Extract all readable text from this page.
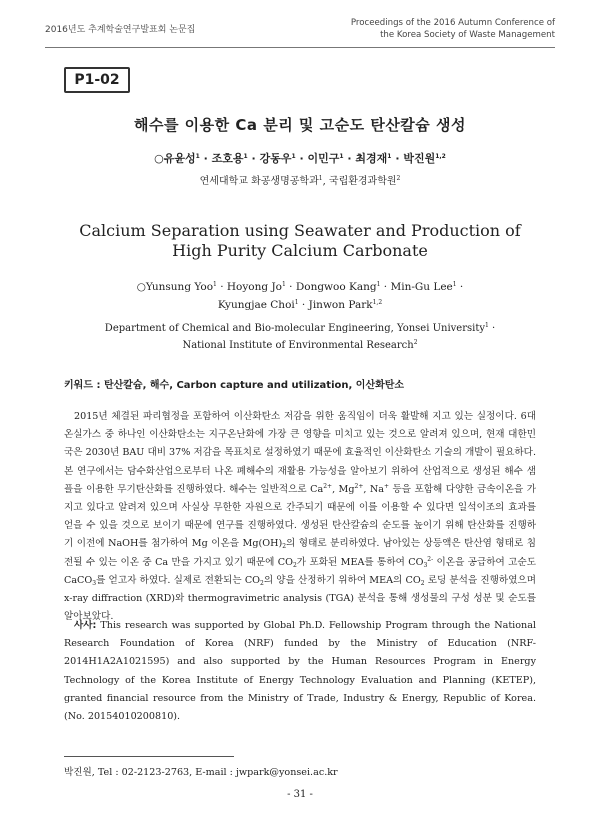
2016년도 추계학술연구발표회 논문집
Proceedings of the 2016 Autumn Conference of
the Korea Society of Waste Management
P1-02
해수를 이용한 Ca 분리 및 고순도 탄산칼슘 생성
○유윤성$^1$ · 조호용$^1$ · 강동우$^1$ · 이민구$^1$ · 최경재$^1$ · 박진원$^{1,2}$
연세대학교 화공생명공학과$^1$, 국립환경과학원$^2$
Calcium Separation using Seawater and Production of
High Purity Calcium Carbonate
○Yunsung Yoo$^1$ · Hoyong $Jo^1$ · Dongwoo Kang$^1$ · Min-Gu Lee$^1$ ·
Kyungjae Choi$^1$ · Jinwon Park$^{1,2}$
Department of Chemical and Bio-molecular Engineering, Yonsei University$^1$ ·
National Institute of Environmental Research$^2$
키워드 : 탄산칼슘, 해수, Carbon capture and utilization, 이산화탄소
2015년 체결된 파리협정을 포함하여 이산화탄소 저감을 위한 움직임이 더욱 활발해 지고 있는 실정이다. 6대 온실가스 중 하나인 이산화탄소는 지구온난화에 가장 큰 영향을 미치고 있는 것으로 알려져 있으며, 현재 대한민국은 2030년 BAU 대비 37% 저감을 목표치로 설정하였기 때문에 효율적인 이산화탄소 기술의 개발이 필요하다. 본 연구에서는 담수화산업으로부터 나온 폐해수의 재활용 가능성을 알아보기 위하여 산업적으로 생성된 해수 샘플을 이용한 무기탄산화를 진행하였다. 해수는 일반적으로 $Ca^{2+}$, $Mg^{2+}$, Na+ 등을 포함해 다양한 금속이온을 가지고 있다고 알려져 있으며 사실상 무한한 자원으로 간주되기 때문에 이를 이용할 수 있다면 일석이조의 효과를 얻을 수 있을 것으로 보이기 때문에 연구를 진행하였다. 생성된 탄산칼슘의 순도를 높이기 위해 탄산화를 진행하기 이전에 NaOH를 첨가하여 Mg 이온을 $Mg(OH)_2$의 형태로 분리하였다. 남아있는 상등액은 탄산염 형태로 침전될 수 있는 이온 중 Ca 만을 가지고 있기 때문에 $CO_2$가 포화된 MEA를 통하여 $CO_3^{2-}$ 이온을 공급하여 고순도 CaCO$_3$를 얻고자 하였다. 실제로 전환되는 $CO_2$의 양을 산정하기 위하여 MEA의 $CO_2$ 로딩 분석을 진행하였으며 x-ray diffraction (XRD)와 thermogravimetric analysis (TGA) 분석을 통해 생성물의 구성 성분 및 순도를 알아보았다.
사사: This research was supported by Global Ph.D. Fellowship Program through the National Research Foundation of Korea (NRF) funded by the Ministry of Education (NRF-2014H1A2A1021595) and also supported by the Human Resources Program in Energy Technology of the Korea Institute of Energy Technology Evaluation and Planning (KETEP), granted financial resource from the Ministry of Trade, Industry & Energy, Republic of Korea. (No. 20154010200810).
박진원, Tel : 02-2123-2763, E-mail : jwpark@yonsei.ac.kr
- 31 -
